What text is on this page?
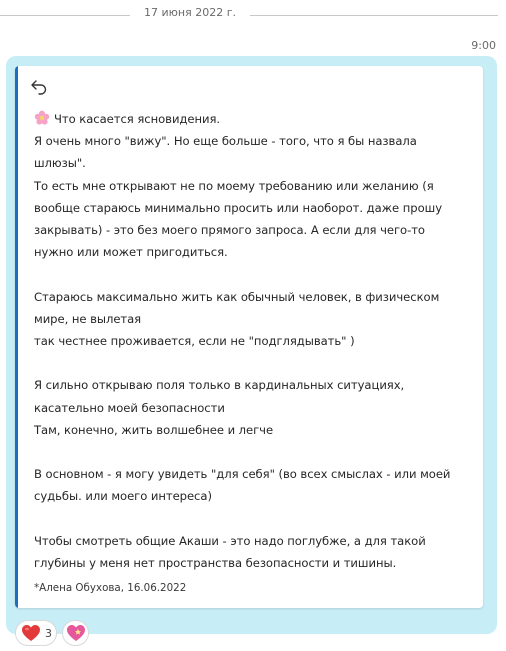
17 июня 2022 г.
9:00

Что касается ясновидения.

Я очень много "вижу". Но еще больше - того, что я бы назвала

шлюзы".

То есть мне открывают не по моему требованию или желанию (я

вообще стараюсь минимально просить или наоборот. даже прошу

закрывать) - это без моего прямого запроса. А если для чего-то

нужно или может пригодиться.

Стараюсь максимально жить как обычный человек, в физическом

мире, не вылетая

так честнее проживается, если не "подглядывать" )

Я сильно открываю поля только в кардинальных ситуациях,

касательно моей безопасности

Там, конечно, жить волшебнее и легче

В основном - я могу увидеть "для себя" (во всех смыслах - или моей

судьбы. или моего интереса)

Чтобы смотреть общие Акаши - это надо поглубже, а для такой

глубины у меня нет пространства безопасности и тишины.

*Алена Обухова, 16.06.2022
3
